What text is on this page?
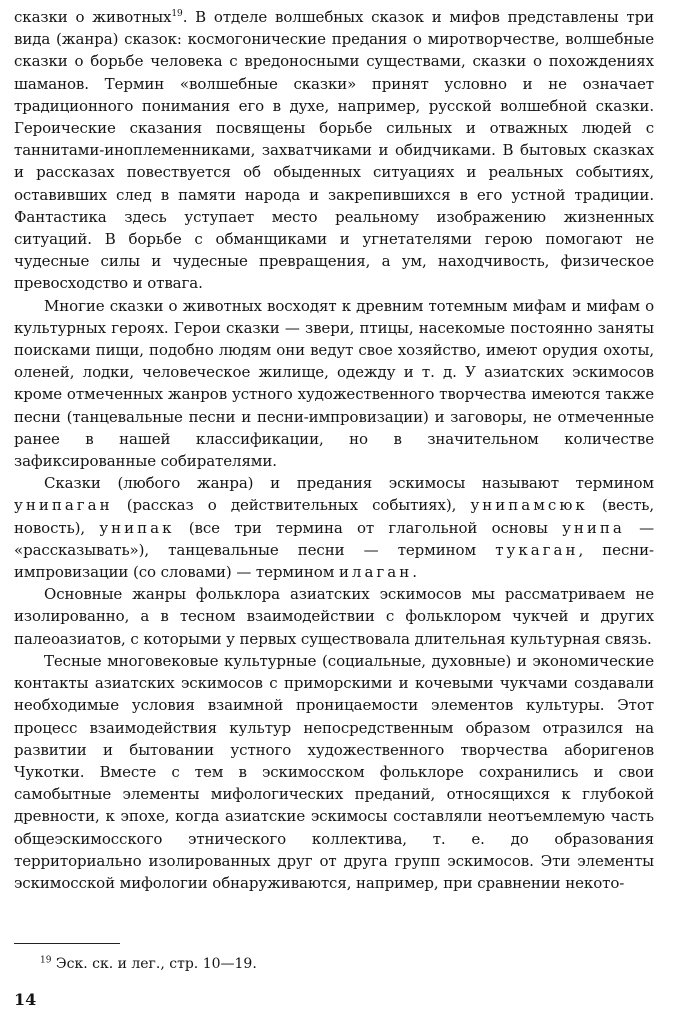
сказки о животных$^{19}$. В отделе волшебных сказок и мифов представлены три вида (жанра) сказок: космогонические предания о миротворчестве, волшебные сказки о борьбе человека с вредоносными существами, сказки о похождениях шаманов. Термин «волшебные сказки» принят условно и не означает традиционного понимания его в духе, например, русской волшебной сказки. Героические сказания посвящены борьбе сильных и отважных людей с таннитами-иноплеменниками, захватчиками и обидчиками. В бытовых сказках и рассказах повествуется об обыденных ситуациях и реальных событиях, оставивших след в памяти народа и закрепившихся в его устной традиции. Фантастика здесь уступает место реальному изображению жизненных ситуаций. В борьбе с обманщиками и угнетателями герою помогают не чудесные силы и чудесные превращения, а ум, находчивость, физическое превосходство и отвага.

Многие сказки о животных восходят к древним тотемным мифам и мифам о культурных героях. Герои сказки — звери, птицы, насекомые постоянно заняты поисками пищи, подобно людям они ведут свое хозяйство, имеют орудия охоты, оленей, лодки, человеческое жилище, одежду и т. д. У азиатских эскимосов кроме отмеченных жанров устного художественного творчества имеются также песни (танцевальные песни и песни-импровизации) и заговоры, не отмеченные ранее в нашей классификации, но в значительном количестве зафиксированные собирателями.

Сказки (любого жанра) и предания эскимосы называют термином унипаган (рассказ о действительных событиях), унипамсюк (весть, новость), унипак (все три термина от глагольной основы унипа — «рассказывать»), танцевальные песни — термином тукаган, песни-импровизации (со словами) — термином илаган.

Основные жанры фольклора азиатских эскимосов мы рассматриваем не изолированно, а в тесном взаимодействии с фольклором чукчей и других палеоазиатов, с которыми у первых существовала длительная культурная связь.

Тесные многовековые культурные (социальные, духовные) и экономические контакты азиатских эскимосов с приморскими и кочевыми чукчами создавали необходимые условия взаимной проницаемости элементов культуры. Этот процесс взаимодействия культур непосредственным образом отразился на развитии и бытовании устного художественного творчества аборигенов Чукотки. Вместе с тем в эскимосском фольклоре сохранились и свои самобытные элементы мифологических преданий, относящихся к глубокой древности, к эпохе, когда азиатские эскимосы составляли неотъемлемую часть общеэскимосского этнического коллектива, т. е. до образования территориально изолированных друг от друга групп эскимосов. Эти элементы эскимосской мифологии обнаруживаются, например, при сравнении некото-

$^{19}$ Эск. ск. и лег., стр. 10—19.
14
